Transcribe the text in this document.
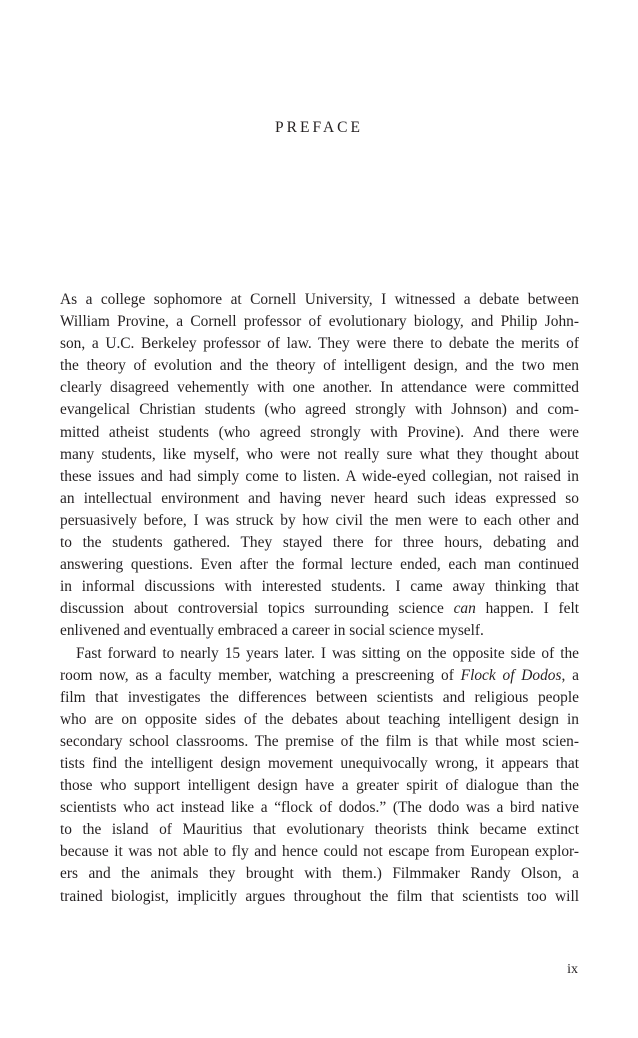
PREFACE

As a college sophomore at Cornell University, I witnessed a debate between
William Provine, a Cornell professor of evolutionary biology, and Philip John-
son, a U.C. Berkeley professor of law. They were there to debate the merits of
the theory of evolution and the theory of intelligent design, and the two men
clearly disagreed vehemently with one another. In attendance were committed
evangelical Christian students (who agreed strongly with Johnson) and com-
mitted atheist students (who agreed strongly with Provine). And there were
many students, like myself, who were not really sure what they thought about
these issues and had simply come to listen. A wide-eyed collegian, not raised in
an intellectual environment and having never heard such ideas expressed so
persuasively before, I was struck by how civil the men were to each other and
to the students gathered. They stayed there for three hours, debating and
answering questions. Even after the formal lecture ended, each man continued
in informal discussions with interested students. I came away thinking that
discussion about controversial topics surrounding science can happen. I felt
enlivened and eventually embraced a career in social science myself.

Fast forward to nearly 15 years later. I was sitting on the opposite side of the
room now, as a faculty member, watching a prescreening of Flock of Dodos, a
film that investigates the differences between scientists and religious people
who are on opposite sides of the debates about teaching intelligent design in
secondary school classrooms. The premise of the film is that while most scien-
tists find the intelligent design movement unequivocally wrong, it appears that
those who support intelligent design have a greater spirit of dialogue than the
scientists who act instead like a “flock of dodos.” (The dodo was a bird native
to the island of Mauritius that evolutionary theorists think became extinct
because it was not able to fly and hence could not escape from European explor-
ers and the animals they brought with them.) Filmmaker Randy Olson, a
trained biologist, implicitly argues throughout the film that scientists too will

ix
